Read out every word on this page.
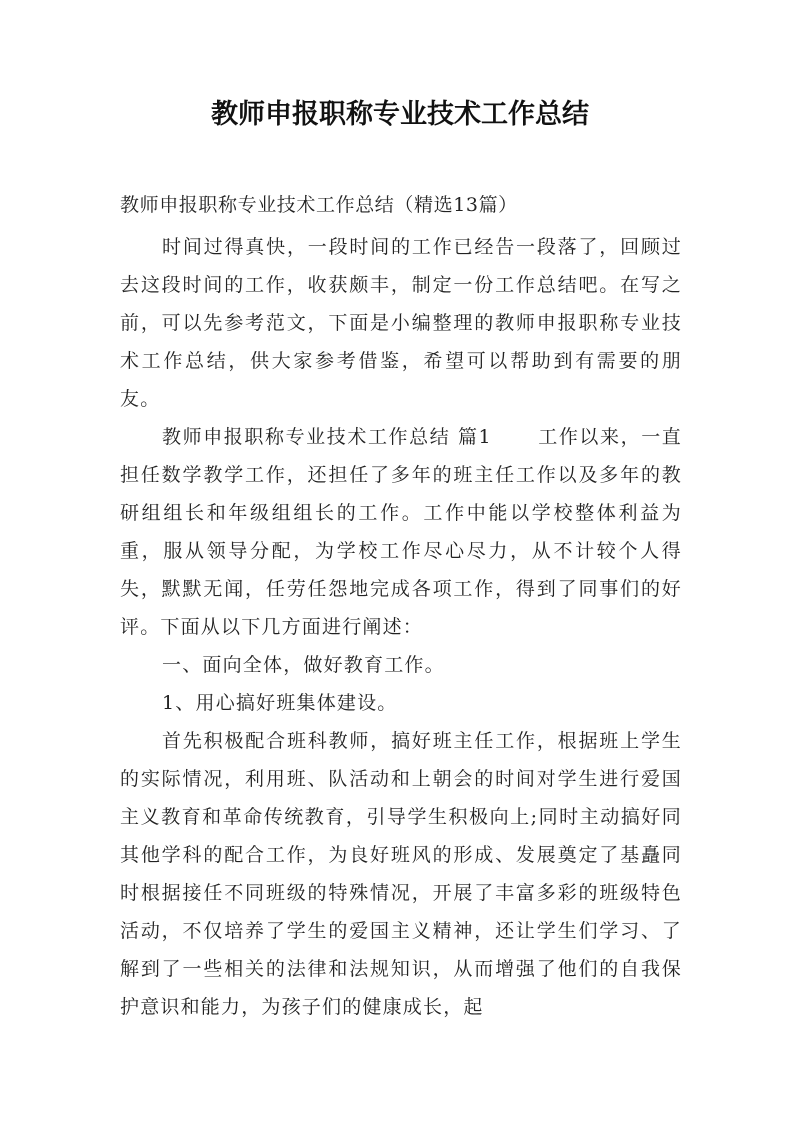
教师申报职称专业技术工作总结

教师申报职称专业技术工作总结（精选13篇）

时间过得真快，一段时间的工作已经告一段落了，回顾过去这段时间的工作，收获颇丰，制定一份工作总结吧。在写之前，可以先参考范文，下面是小编整理的教师申报职称专业技术工作总结，供大家参考借鉴，希望可以帮助到有需要的朋友。

教师申报职称专业技术工作总结 篇1 工作以来，一直担任数学教学工作，还担任了多年的班主任工作以及多年的教研组组长和年级组组长的工作。工作中能以学校整体利益为重，服从领导分配，为学校工作尽心尽力，从不计较个人得失，默默无闻，任劳任怨地完成各项工作，得到了同事们的好评。下面从以下几方面进行阐述：

一、面向全体，做好教育工作。

1、用心搞好班集体建设。

首先积极配合班科教师，搞好班主任工作，根据班上学生的实际情况，利用班、队活动和上朝会的时间对学生进行爱国主义教育和革命传统教育，引导学生积极向上;同时主动搞好同其他学科的配合工作，为良好班风的形成、发展奠定了基矗同时根据接任不同班级的特殊情况，开展了丰富多彩的班级特色活动，不仅培养了学生的爱国主义精神，还让学生们学习、了解到了一些相关的法律和法规知识，从而增强了他们的自我保护意识和能力，为孩子们的健康成长，起
